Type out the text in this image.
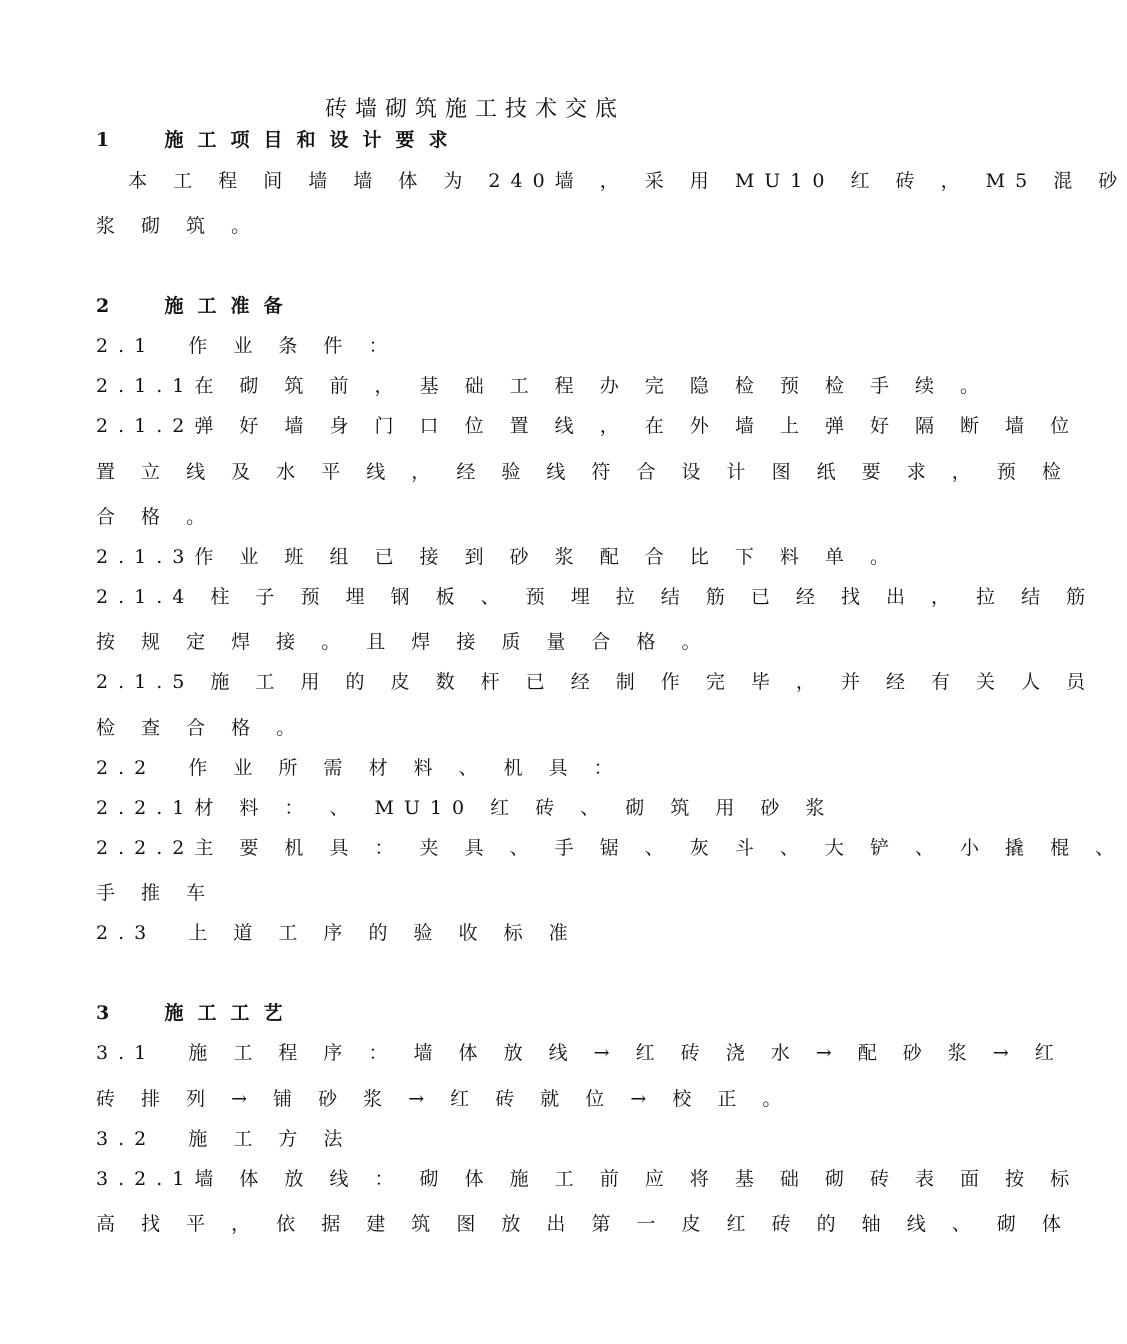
砖墙砌筑施工技术交底
1  施工项目和设计要求
本 工 程 间 墙 墙 体 为 240墙 ， 采 用 MU10 红 砖 ， M5 混 砂
浆 砌 筑 。
2  施工准备
2.1  作 业 条 件 ：
2.1.1在 砌 筑 前 ， 基 础 工 程 办 完 隐 检 预 检 手 续 。
2.1.2弹 好 墙 身 门 口 位 置 线 ， 在 外 墙 上 弹 好 隔 断 墙 位
置 立 线 及 水 平 线 ， 经 验 线 符 合 设 计 图 纸 要 求 ， 预 检
合 格 。
2.1.3作 业 班 组 已 接 到 砂 浆 配 合 比 下 料 单 。
2.1.4 柱 子 预 埋 钢 板 、 预 埋 拉 结 筋 已 经 找 出 ， 拉 结 筋
按 规 定 焊 接 。 且 焊 接 质 量 合 格 。
2.1.5 施 工 用 的 皮 数 杆 已 经 制 作 完 毕 ， 并 经 有 关 人 员
检 查 合 格 。
2.2  作 业 所 需 材 料 、 机 具 ：
2.2.1材 料 ： 、 MU10 红 砖 、 砌 筑 用 砂 浆
2.2.2主 要 机 具 ： 夹 具 、 手 锯 、 灰 斗 、 大 铲 、 小 撬 棍 、
手 推 车
2.3  上 道 工 序 的 验 收 标 准
3  施工工艺
3.1  施 工 程 序 ： 墙 体 放 线 → 红 砖 浇 水 → 配 砂 浆 → 红
砖 排 列 → 铺 砂 浆 → 红 砖 就 位 → 校 正 。
3.2  施 工 方 法
3.2.1墙 体 放 线 ： 砌 体 施 工 前 应 将 基 础 砌 砖 表 面 按 标
高 找 平 ， 依 据 建 筑 图 放 出 第 一 皮 红 砖 的 轴 线 、 砌 体
